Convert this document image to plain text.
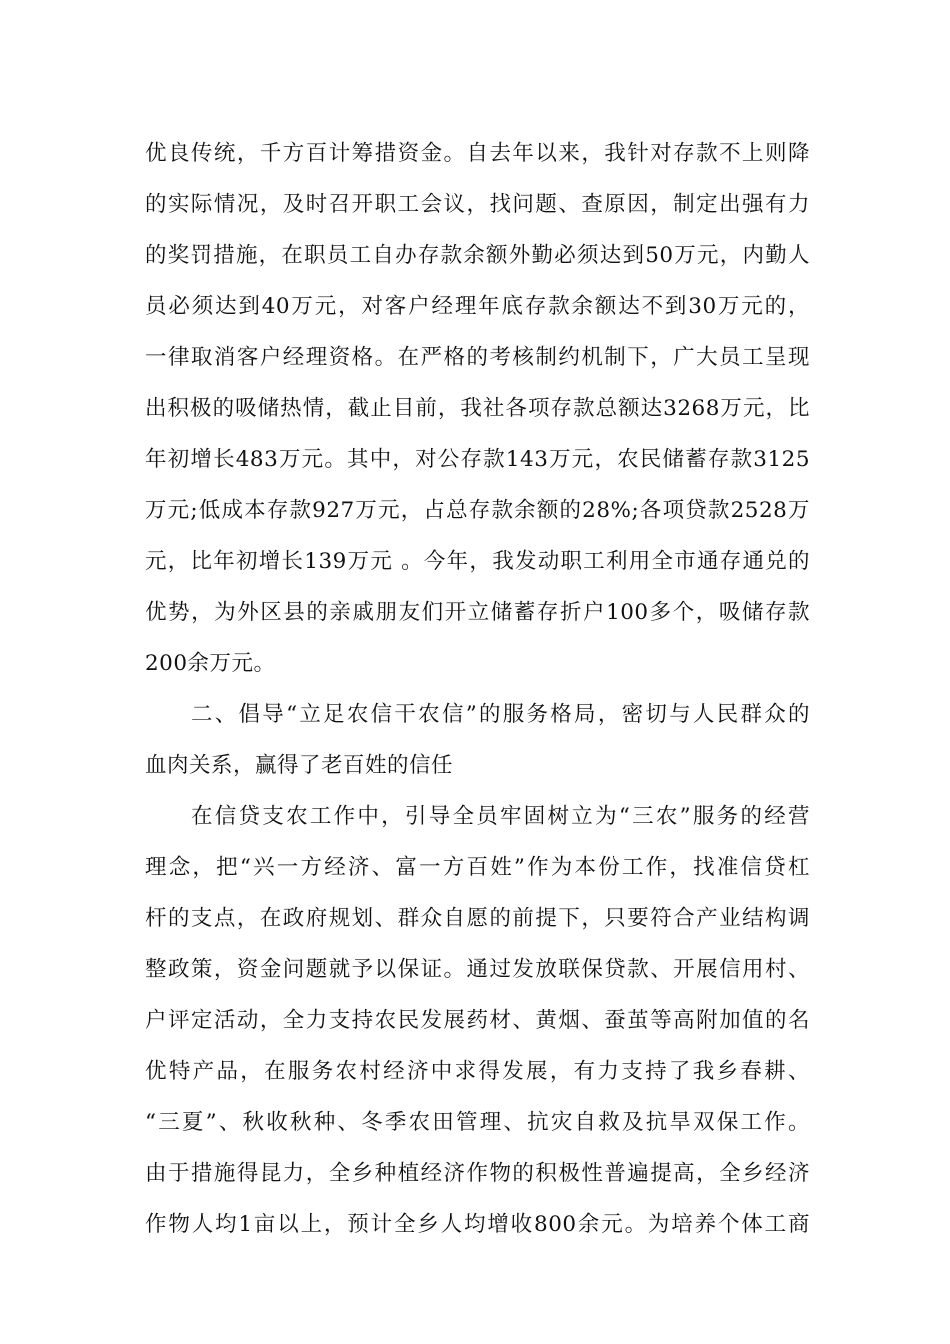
优良传统，千方百计筹措资金。自去年以来，我针对存款不上则降
的实际情况，及时召开职工会议，找问题、查原因，制定出强有力
的奖罚措施，在职员工自办存款余额外勤必须达到50万元，内勤人
员必须达到40万元，对客户经理年底存款余额达不到30万元的，
一律取消客户经理资格。在严格的考核制约机制下，广大员工呈现
出积极的吸储热情，截止目前，我社各项存款总额达3268万元，比
年初增长483万元。其中，对公存款143万元，农民储蓄存款3125
万元;低成本存款927万元，占总存款余额的28%;各项贷款2528万
元，比年初增长139万元 。今年，我发动职工利用全市通存通兑的
优势，为外区县的亲戚朋友们开立储蓄存折户100多个，吸储存款
200余万元。
二、倡导“立足农信干农信”的服务格局，密切与人民群众的
血肉关系，赢得了老百姓的信任
在信贷支农工作中，引导全员牢固树立为“三农”服务的经营
理念，把“兴一方经济、富一方百姓”作为本份工作，找准信贷杠
杆的支点，在政府规划、群众自愿的前提下，只要符合产业结构调
整政策，资金问题就予以保证。通过发放联保贷款、开展信用村、
户评定活动，全力支持农民发展药材、黄烟、蚕茧等高附加值的名
优特产品，在服务农村经济中求得发展，有力支持了我乡春耕、
“三夏”、秋收秋种、冬季农田管理、抗灾自救及抗旱双保工作。
由于措施得昆力，全乡种植经济作物的积极性普遍提高，全乡经济
作物人均1亩以上，预计全乡人均增收800余元。为培养个体工商
